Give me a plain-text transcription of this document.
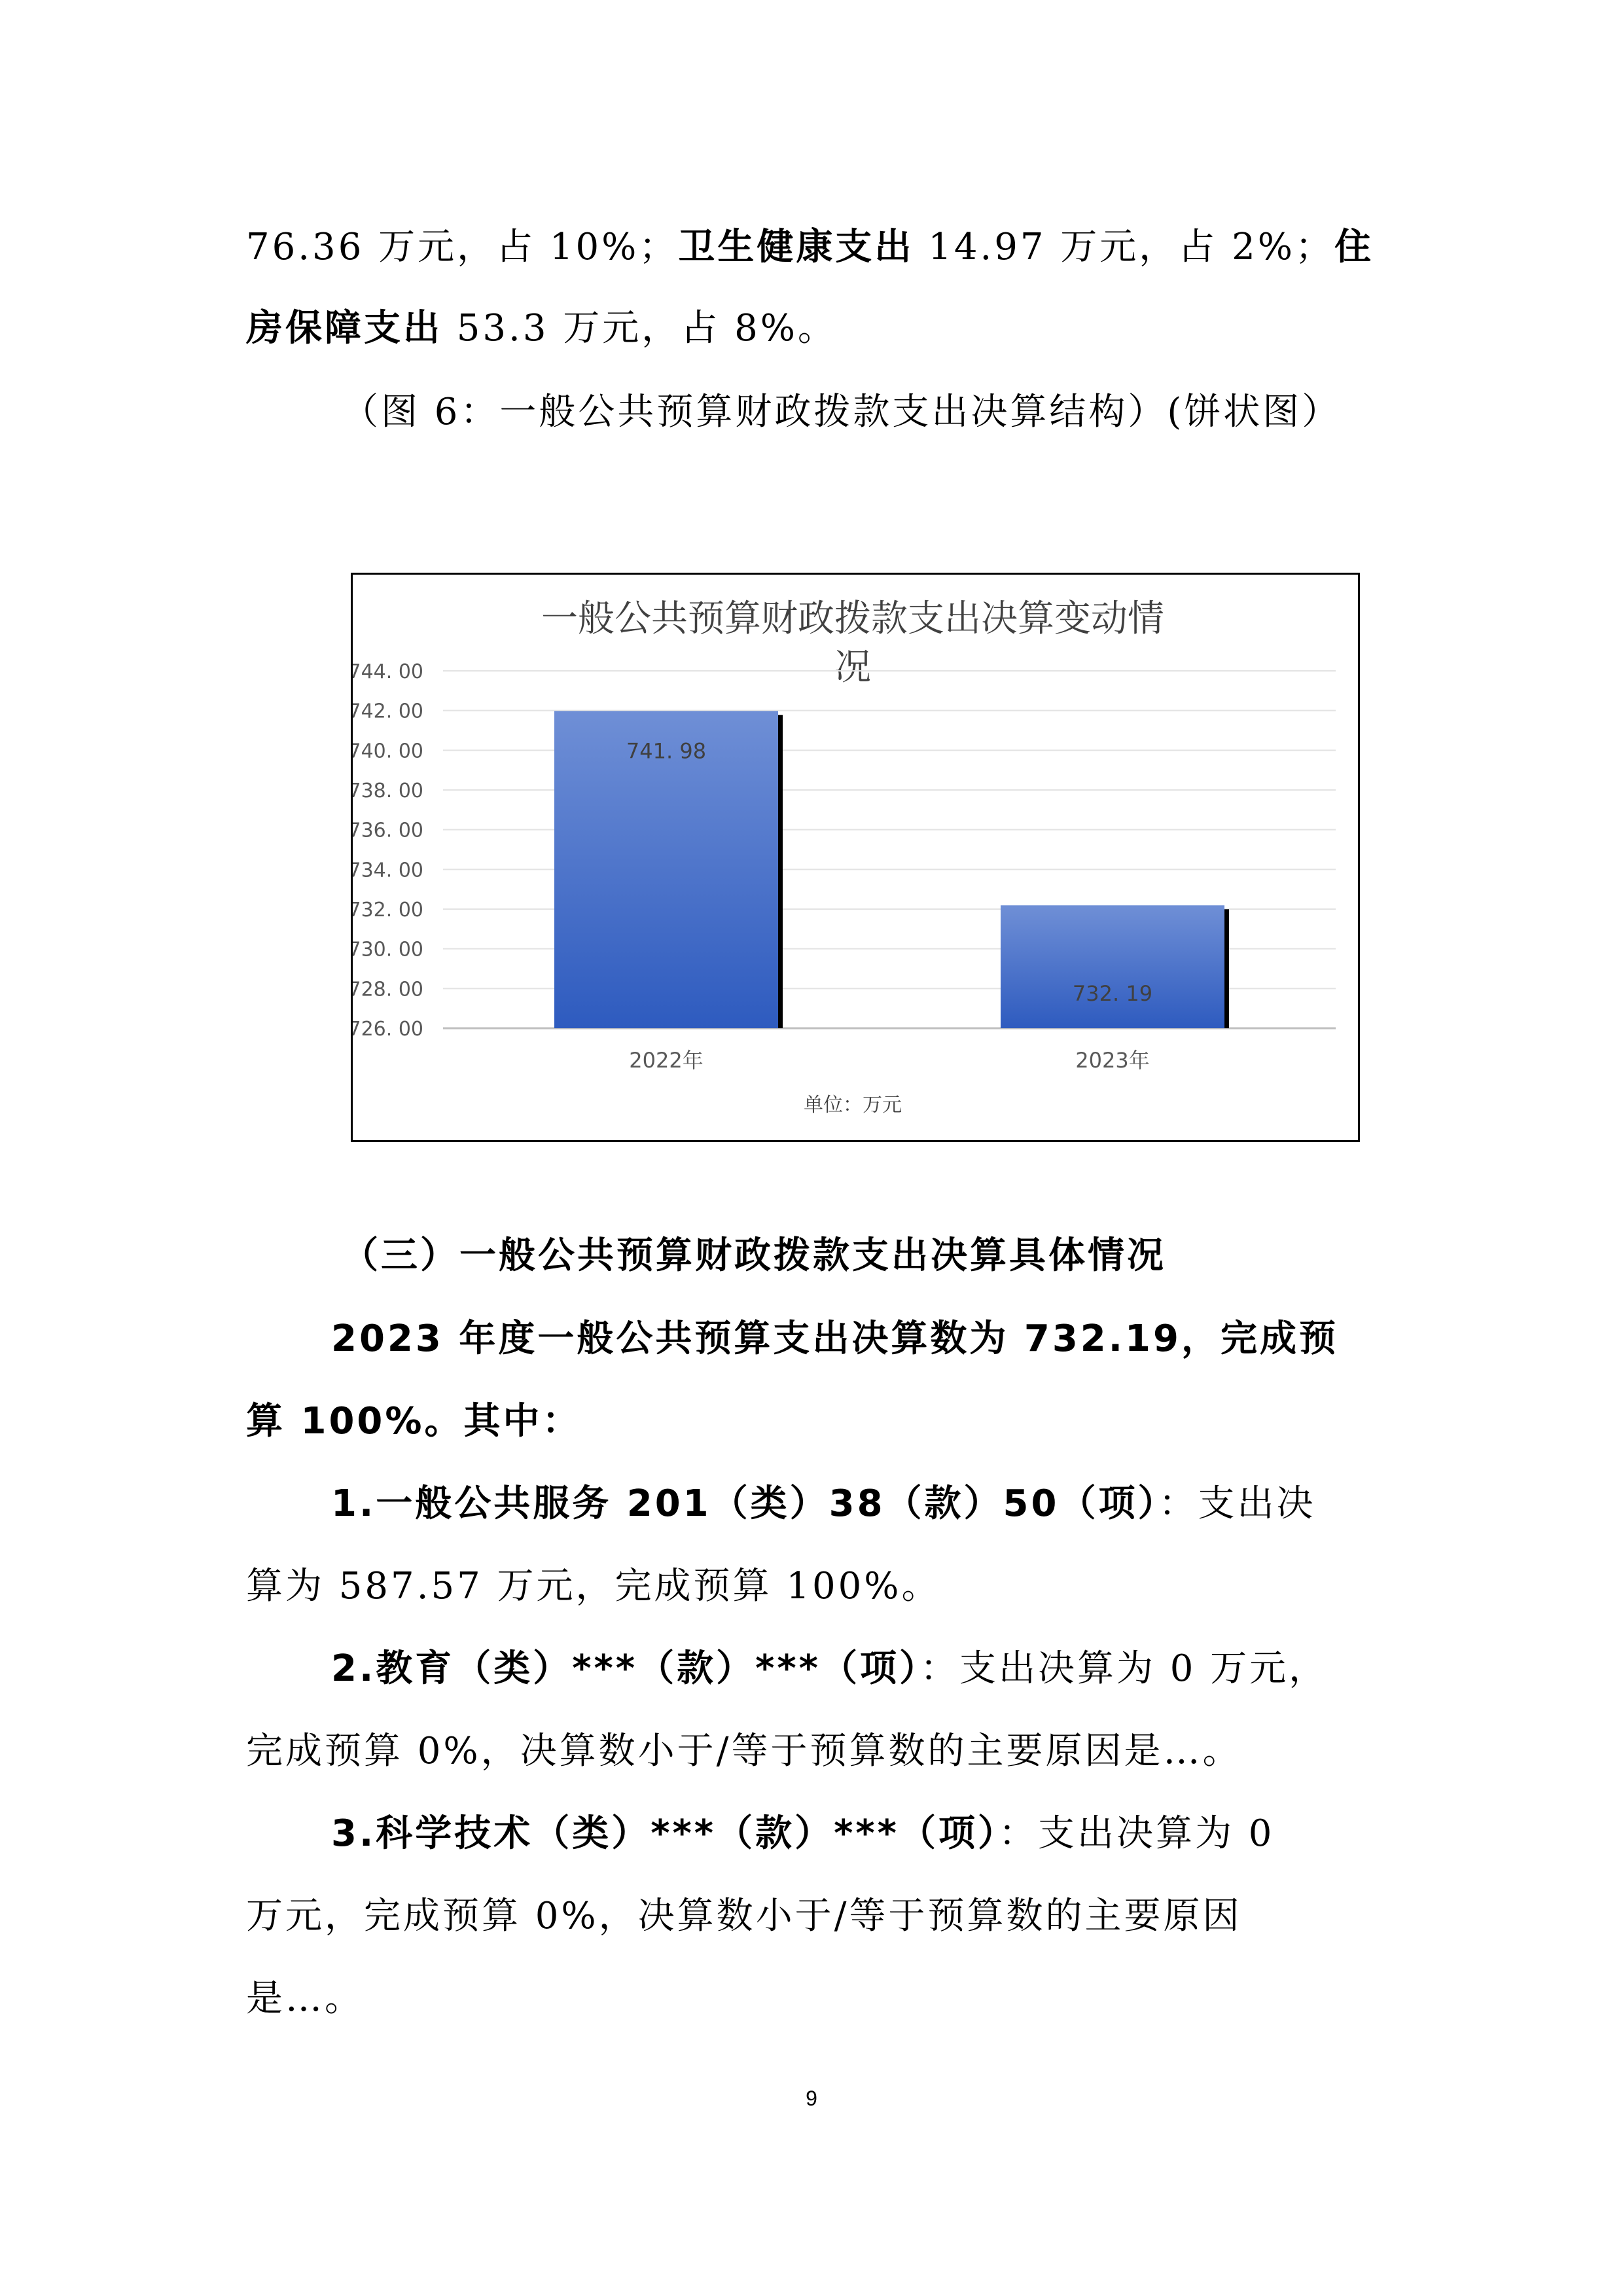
76.36 万元，占 10%；卫生健康支出 14.97 万元，占 2%；住
房保障支出 53.3 万元，占 8%。
（图 6：一般公共预算财政拨款支出决算结构）(饼状图）
一般公共预算财政拨款支出决算变动情
况
744. 00
742. 00
740. 00
738. 00
736. 00
734. 00
732. 00
730. 00
728. 00
726. 00
741. 98
732. 19
2022年	2023年
单位：万元
（三）一般公共预算财政拨款支出决算具体情况
2023 年度一般公共预算支出决算数为 732.19，完成预
算 100%。其中：
1.一般公共服务 201（类）38（款）50（项）：支出决
算为 587.57 万元，完成预算 100%。
2.教育（类）***（款）***（项）：支出决算为 0 万元，
完成预算 0%，决算数小于/等于预算数的主要原因是…。
3.科学技术（类）***（款）***（项）：支出决算为 0
万元，完成预算 0%，决算数小于/等于预算数的主要原因
是…。
9
